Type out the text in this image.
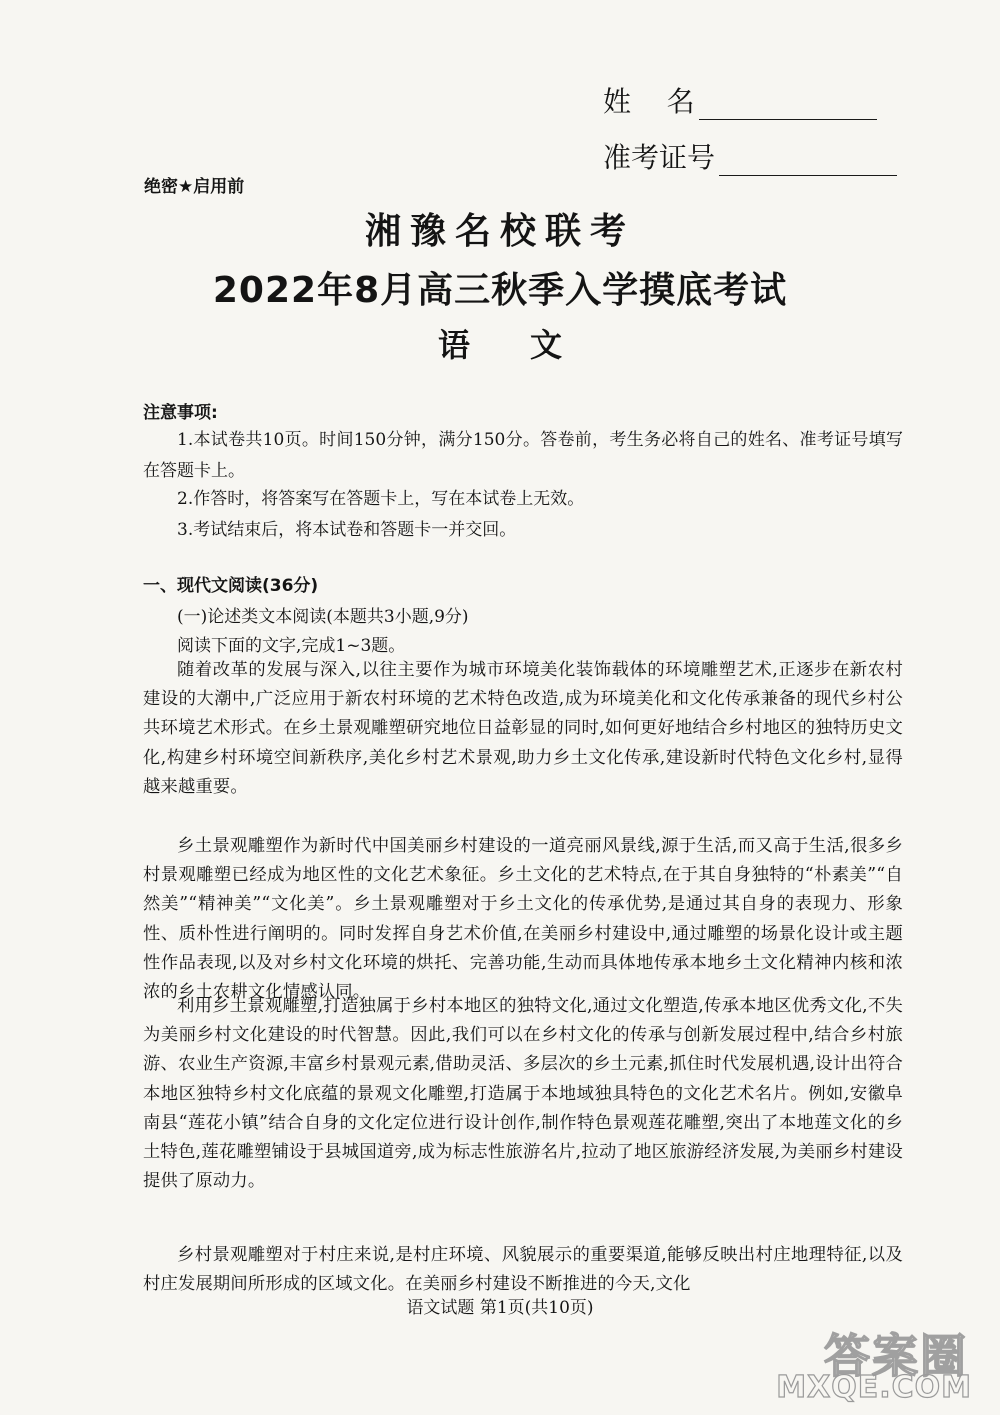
姓    名
准考证号
绝密★启用前
湘豫名校联考
2022年8月高三秋季入学摸底考试
语 文
注意事项:
1.本试卷共10页。时间150分钟，满分150分。答卷前，考生务必将自己的姓名、准考证号填写在答题卡上。
2.作答时，将答案写在答题卡上，写在本试卷上无效。
3.考试结束后，将本试卷和答题卡一并交回。
一、现代文阅读(36分)
(一)论述类文本阅读(本题共3小题,9分)
阅读下面的文字,完成1~3题。
随着改革的发展与深入,以往主要作为城市环境美化装饰载体的环境雕塑艺术,正逐步在新农村建设的大潮中,广泛应用于新农村环境的艺术特色改造,成为环境美化和文化传承兼备的现代乡村公共环境艺术形式。在乡土景观雕塑研究地位日益彰显的同时,如何更好地结合乡村地区的独特历史文化,构建乡村环境空间新秩序,美化乡村艺术景观,助力乡土文化传承,建设新时代特色文化乡村,显得越来越重要。
乡土景观雕塑作为新时代中国美丽乡村建设的一道亮丽风景线,源于生活,而又高于生活,很多乡村景观雕塑已经成为地区性的文化艺术象征。乡土文化的艺术特点,在于其自身独特的“朴素美”“自然美”“精神美”“文化美”。乡土景观雕塑对于乡土文化的传承优势,是通过其自身的表现力、形象性、质朴性进行阐明的。同时发挥自身艺术价值,在美丽乡村建设中,通过雕塑的场景化设计或主题性作品表现,以及对乡村文化环境的烘托、完善功能,生动而具体地传承本地乡土文化精神内核和浓浓的乡土农耕文化情感认同。
利用乡土景观雕塑,打造独属于乡村本地区的独特文化,通过文化塑造,传承本地区优秀文化,不失为美丽乡村文化建设的时代智慧。因此,我们可以在乡村文化的传承与创新发展过程中,结合乡村旅游、农业生产资源,丰富乡村景观元素,借助灵活、多层次的乡土元素,抓住时代发展机遇,设计出符合本地区独特乡村文化底蕴的景观文化雕塑,打造属于本地域独具特色的文化艺术名片。例如,安徽阜南县“莲花小镇”结合自身的文化定位进行设计创作,制作特色景观莲花雕塑,突出了本地莲文化的乡土特色,莲花雕塑铺设于县城国道旁,成为标志性旅游名片,拉动了地区旅游经济发展,为美丽乡村建设提供了原动力。
乡村景观雕塑对于村庄来说,是村庄环境、风貌展示的重要渠道,能够反映出村庄地理特征,以及村庄发展期间所形成的区域文化。在美丽乡村建设不断推进的今天,文化
语文试题 第1页(共10页)
答案圈
MXQE.COM
